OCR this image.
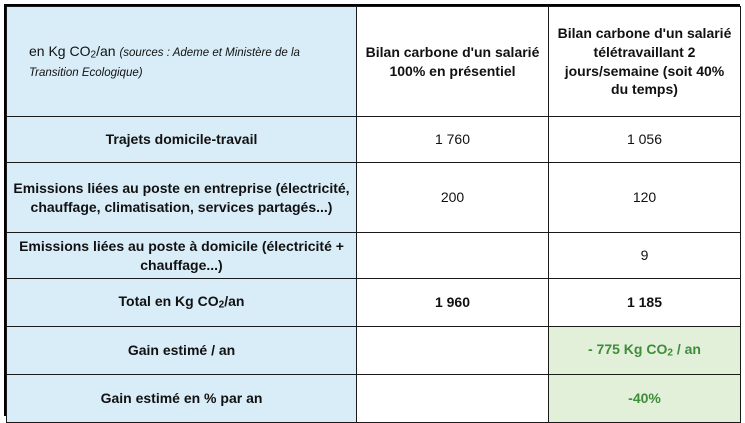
en Kg CO2/an (sources : Ademe et Ministère de la Transition Ecologique)	Bilan carbone d'un salarié 100% en présentiel	Bilan carbone d'un salarié télétravaillant 2 jours/semaine (soit 40% du temps)
Trajets domicile-travail	1 760	1 056
Emissions liées au poste en entreprise (électricité, chauffage, climatisation, services partagés...)	200	120
Emissions liées au poste à domicile (électricité + chauffage...)		9
Total en Kg CO2/an	1 960	1 185
Gain estimé / an		- 775 Kg CO2 / an
Gain estimé en % par an		-40%
